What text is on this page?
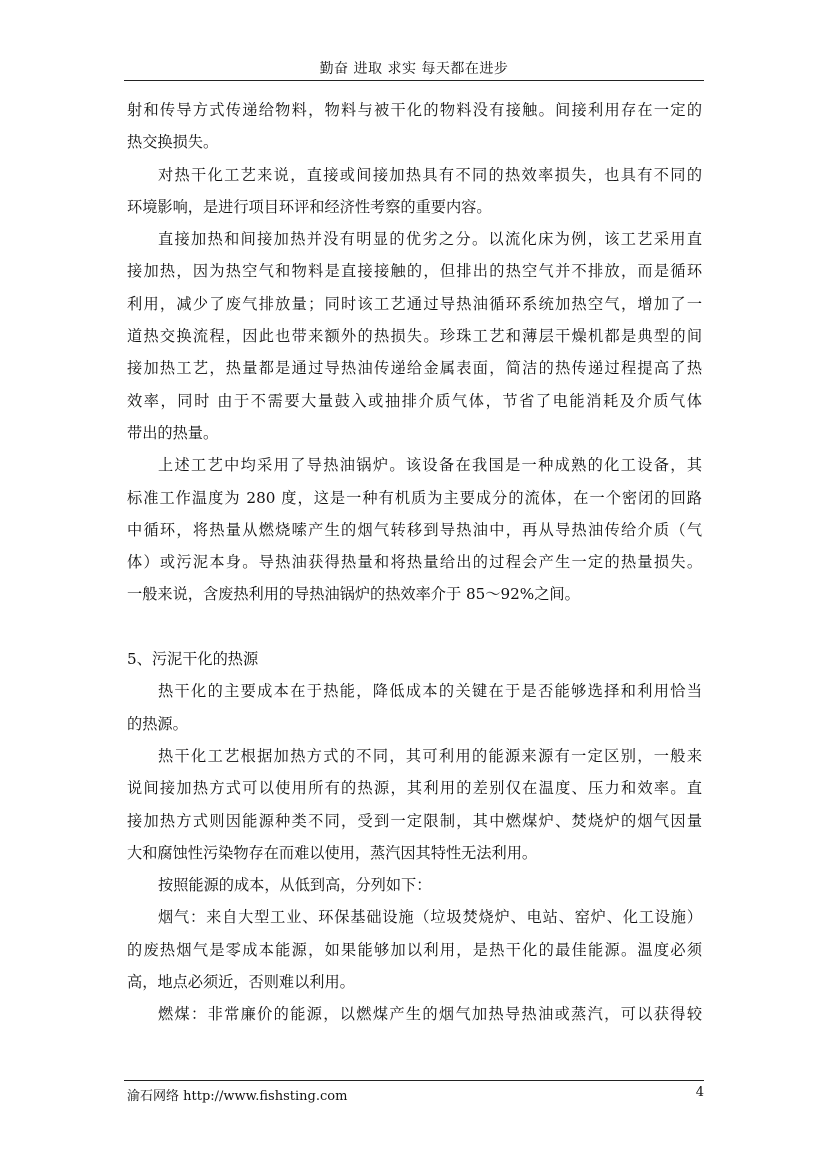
勤奋 进取 求实 每天都在进步
射和传导方式传递给物料，物料与被干化的物料没有接触。间接利用存在一定的
热交换损失。
对热干化工艺来说，直接或间接加热具有不同的热效率损失，也具有不同的
环境影响，是进行项目环评和经济性考察的重要内容。
直接加热和间接加热并没有明显的优劣之分。以流化床为例，该工艺采用直
接加热，因为热空气和物料是直接接触的，但排出的热空气并不排放，而是循环
利用，减少了废气排放量；同时该工艺通过导热油循环系统加热空气，增加了一
道热交换流程，因此也带来额外的热损失。珍珠工艺和薄层干燥机都是典型的间
接加热工艺，热量都是通过导热油传递给金属表面，简洁的热传递过程提高了热
效率，同时 由于不需要大量鼓入或抽排介质气体，节省了电能消耗及介质气体
带出的热量。
上述工艺中均采用了导热油锅炉。该设备在我国是一种成熟的化工设备，其
标准工作温度为 280 度，这是一种有机质为主要成分的流体，在一个密闭的回路
中循环，将热量从燃烧嗦产生的烟气转移到导热油中，再从导热油传给介质（气
体）或污泥本身。导热油获得热量和将热量给出的过程会产生一定的热量损失。
一般来说，含废热利用的导热油锅炉的热效率介于 85～92%之间。
5、污泥干化的热源
热干化的主要成本在于热能，降低成本的关键在于是否能够选择和利用恰当
的热源。
热干化工艺根据加热方式的不同，其可利用的能源来源有一定区别，一般来
说间接加热方式可以使用所有的热源，其利用的差别仅在温度、压力和效率。直
接加热方式则因能源种类不同，受到一定限制，其中燃煤炉、焚烧炉的烟气因量
大和腐蚀性污染物存在而难以使用，蒸汽因其特性无法利用。
按照能源的成本，从低到高，分列如下：
烟气：来自大型工业、环保基础设施（垃圾焚烧炉、电站、窑炉、化工设施）
的废热烟气是零成本能源，如果能够加以利用，是热干化的最佳能源。温度必须
高，地点必须近，否则难以利用。
燃煤：非常廉价的能源，以燃煤产生的烟气加热导热油或蒸汽，可以获得较
渝石网络 http://www.fishsting.com	4
